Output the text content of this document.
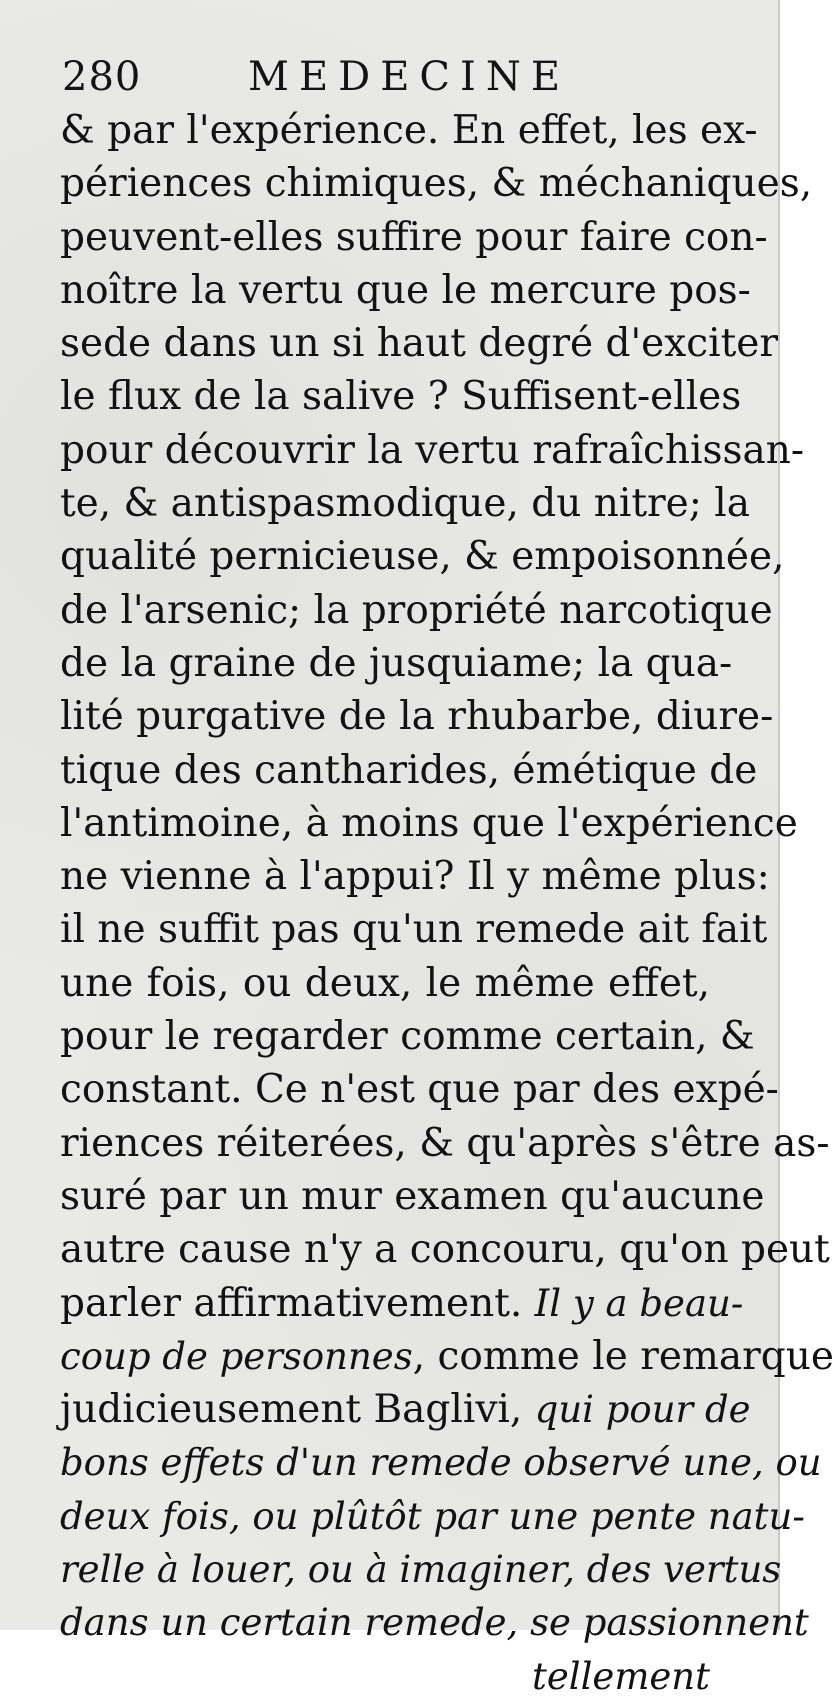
280	MEDECINE
& par l'expérience. En effet, les ex-
périences chimiques, & méchaniques,
peuvent-elles suffire pour faire con-
noître la vertu que le mercure pos-
sede dans un si haut degré d'exciter
le flux de la salive ? Suffisent-elles
pour découvrir la vertu rafraîchissan-
te, & antispasmodique, du nitre; la
qualité pernicieuse, & empoisonnée,
de l'arsenic; la propriété narcotique
de la graine de jusquiame; la qua-
lité purgative de la rhubarbe, diure-
tique des cantharides, émétique de
l'antimoine, à moins que l'expérience
ne vienne à l'appui? Il y même plus:
il ne suffit pas qu'un remede ait fait
une fois, ou deux, le même effet,
pour le regarder comme certain, &
constant. Ce n'est que par des expé-
riences réiterées, & qu'après s'être as-
suré par un mur examen qu'aucune
autre cause n'y a concouru, qu'on peut
parler affirmativement. Il y a beau-
coup de personnes, comme le remarque
judicieusement Baglivi, qui pour de
bons effets d'un remede observé une, ou
deux fois, ou plûtôt par une pente natu-
relle à louer, ou à imaginer, des vertus
dans un certain remede, se passionnent
tellement
